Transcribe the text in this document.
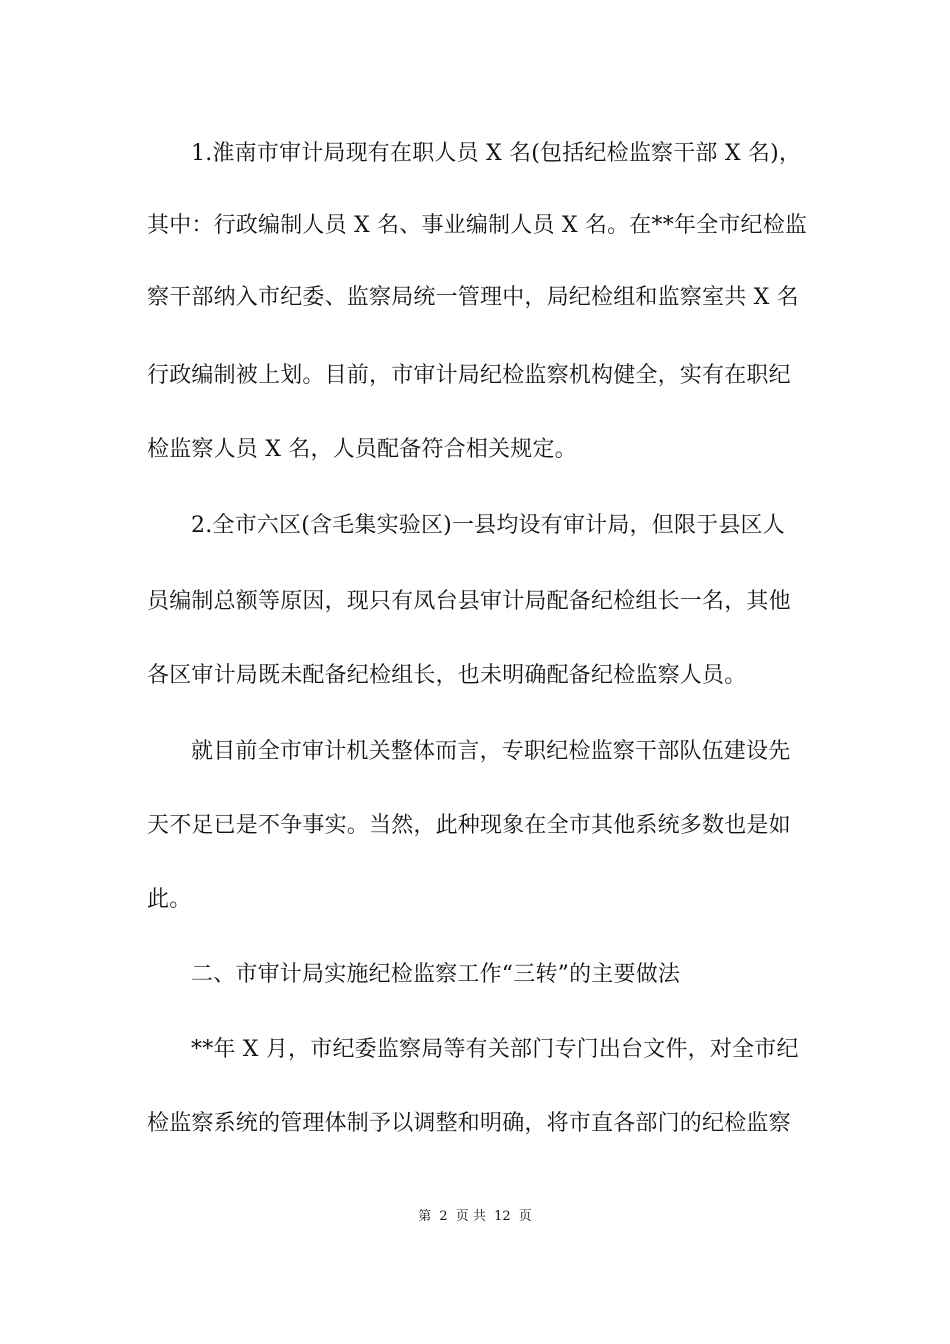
1.淮南市审计局现有在职人员 X 名(包括纪检监察干部 X 名)，
其中：行政编制人员 X 名、事业编制人员 X 名。在**年全市纪检监
察干部纳入市纪委、监察局统一管理中，局纪检组和监察室共 X 名
行政编制被上划。目前，市审计局纪检监察机构健全，实有在职纪
检监察人员 X 名，人员配备符合相关规定。
2.全市六区(含毛集实验区)一县均设有审计局，但限于县区人
员编制总额等原因，现只有凤台县审计局配备纪检组长一名，其他
各区审计局既未配备纪检组长，也未明确配备纪检监察人员。
就目前全市审计机关整体而言，专职纪检监察干部队伍建设先
天不足已是不争事实。当然，此种现象在全市其他系统多数也是如
此。
二、市审计局实施纪检监察工作“三转”的主要做法
**年 X 月，市纪委监察局等有关部门专门出台文件，对全市纪
检监察系统的管理体制予以调整和明确，将市直各部门的纪检监察
第 2 页 共 12 页
